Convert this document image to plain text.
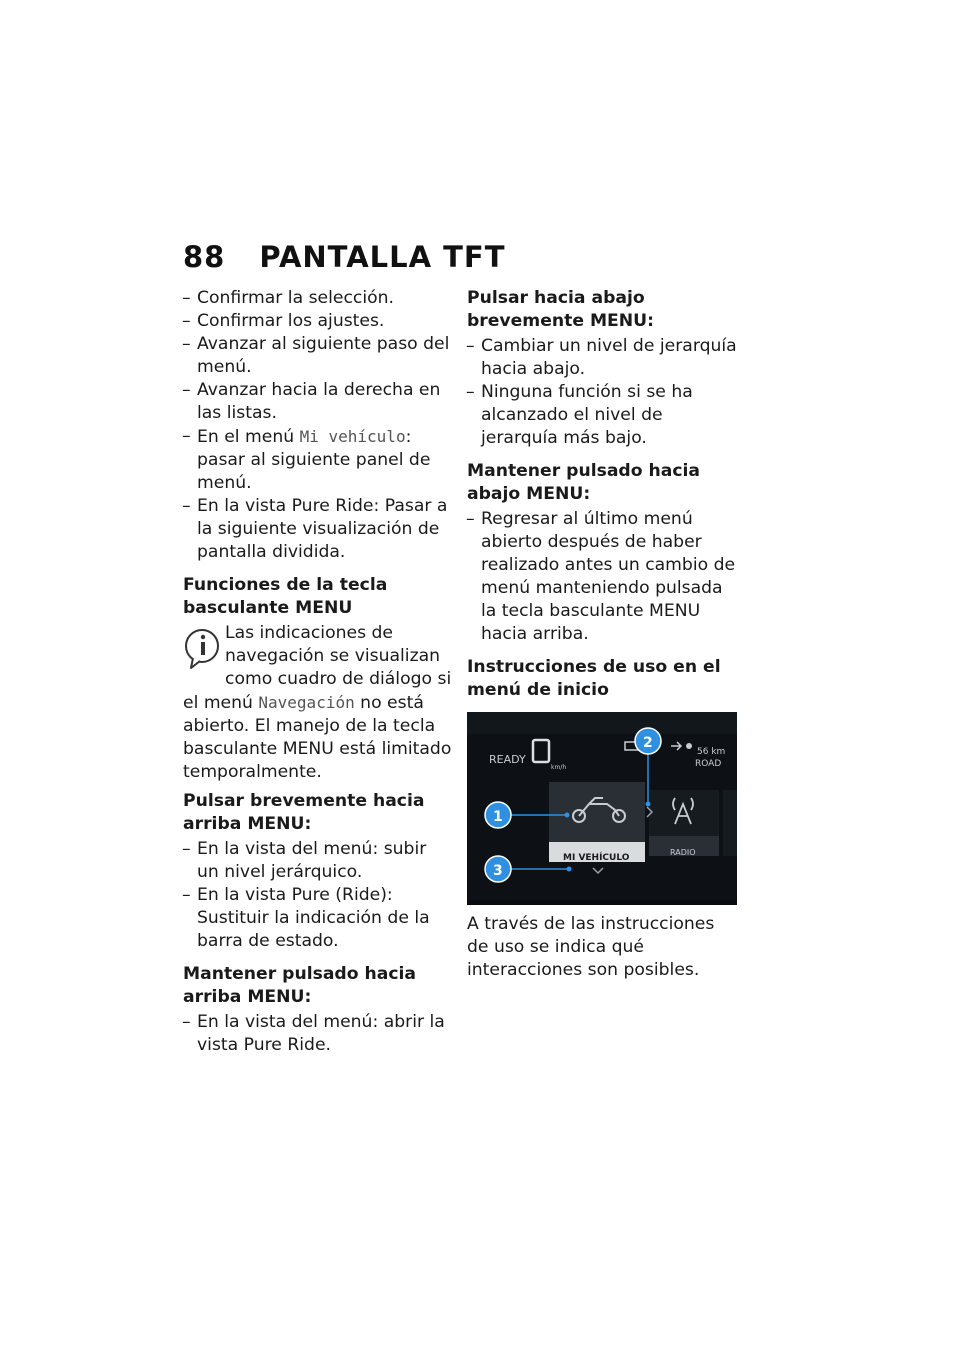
88 PANTALLA TFT
– Confirmar la selección.
– Confirmar los ajustes.
– Avanzar al siguiente paso del menú.
– Avanzar hacia la derecha en las listas.
– En el menú Mi vehículo: pasar al siguiente panel de menú.
– En la vista Pure Ride: Pasar a la siguiente visualización de pantalla dividida.
Funciones de la tecla basculante MENU

Las indicaciones de navegación se visualizan como cuadro de diálogo si el menú Navegación no está abierto. El manejo de la tecla basculante MENU está limitado temporalmente.

Pulsar brevemente hacia arriba MENU:
– En la vista del menú: subir un nivel jerárquico.
– En la vista Pure (Ride): Sustituir la indicación de la barra de estado.
Mantener pulsado hacia arriba MENU:
– En la vista del menú: abrir la vista Pure Ride.
Pulsar hacia abajo brevemente MENU:
– Cambiar un nivel de jerarquía hacia abajo.
– Ninguna función si se ha alcanzado el nivel de jerarquía más bajo.
Mantener pulsado hacia abajo MENU:
– Regresar al último menú abierto después de haber realizado antes un cambio de menú manteniendo pulsada la tecla basculante MENU hacia arriba.
Instrucciones de uso en el menú de inicio
READY
km/h
56 km
ROAD
MI VEHÍCULO
RADIO
1
2
3

A través de las instrucciones de uso se indica qué interacciones son posibles.
